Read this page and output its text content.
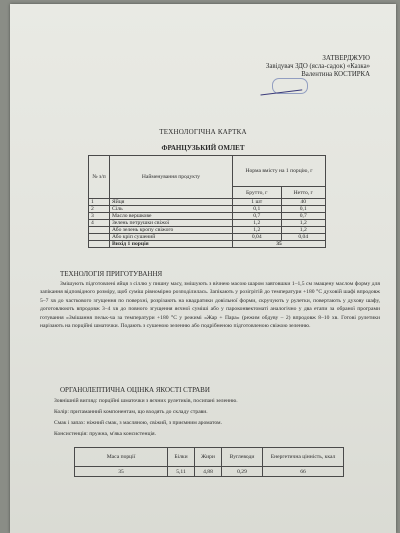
ЗАТВЕРДЖУЮ
Завідувач ЗДО (ясла-садок) «Казка»
Валентина КОСТИРКА
ТЕХНОЛОГІЧНА КАРТКА
ФРАНЦУЗЬКИЙ ОМЛЕТ
№ з/п	Найменування продукту	Норма вмісту на 1 порцію, г	
		Брутто, г	Нетто, г
1	Яйця	1 шт	40
2	Сіль	0,1	0,1
3	Масло вершкове	0,7	0,7
4	Зелень петрушки свіжої	1,2	1,2
	Або зелень кропу свіжого	1,2	1,2
	Або кріп сушений	0,04	0,04
	Вихід 1 порція	35	
ТЕХНОЛОГІЯ ПРИГОТУВАННЯ
Змішують підготовлені яйця з сіллю у пишну масу, змішують з вічнею масою шаром завтовшки 1–1,5 см змащену маслом форму для запікання відповідного розміру, щоб суміш рівномірно розподілилась. Запікають у розігрітій до температури +180 °С духовій шафі впродовж 5–7 хв до часткового згущення по поверхні, розрізають на квадратики довільної форми, скручують у рулетки, повертають у духову шафу, доготовлюють впродовж 3–4 хв до повного згущення яєчної суміші або у пароконвектоматі аналогічно у два етапи за обраної програми готування «Змішання пельк-ча за температури +180 °С у режимі «Жар + Пара» (режим обдуву – 2) впродовж 8–10 хв. Готові рулетики нарізають на порційні шматочки. Подають з сушеною зеленню або подрібненою підготовленою свіжою зеленню.
ОРГАНОЛЕПТИЧНА ОЦІНКА ЯКОСТІ СТРАВИ
Зовнішній вигляд: порційні шматочки з яєчних рулетиків, посипані зеленню.
Колір: притаманний компонентам, що входять до складу страви.
Смак і запах: ніжний смак, з масляною, свіжий, з приємним ароматом.
Консистенція: пружна, м'яка консистенція.
Маса порції	Білки	Жири	Вуглеводи	Енергетична цінність, ккал
35	5,11	4,88	0,29	66
